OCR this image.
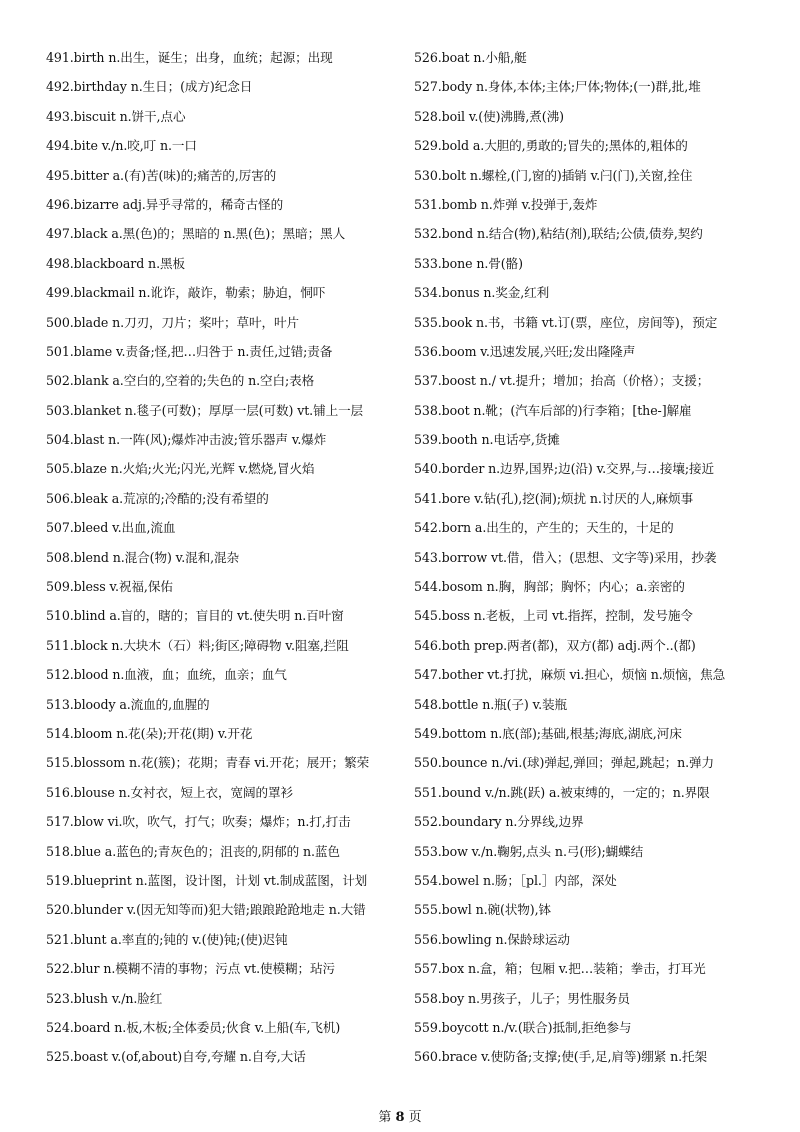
491.birth n.出生，诞生；出身，血统；起源；出现
492.birthday n.生日；(成方)纪念日
493.biscuit n.饼干,点心
494.bite v./n.咬,叮 n.一口
495.bitter a.(有)苦(味)的;痛苦的,厉害的
496.bizarre adj.异乎寻常的，稀奇古怪的
497.black a.黑(色)的；黑暗的 n.黑(色)；黑暗；黑人
498.blackboard n.黑板
499.blackmail n.讹诈，敲诈，勒索；胁迫，恫吓
500.blade n.刀刃，刀片；桨叶；草叶，叶片
501.blame v.责备;怪,把…归咎于 n.责任,过错;责备
502.blank a.空白的,空着的;失色的 n.空白;表格
503.blanket n.毯子(可数)；厚厚一层(可数) vt.铺上一层
504.blast n.一阵(风);爆炸冲击波;管乐器声 v.爆炸
505.blaze n.火焰;火光;闪光,光辉 v.燃烧,冒火焰
506.bleak a.荒凉的;冷酷的;没有希望的
507.bleed v.出血,流血
508.blend n.混合(物) v.混和,混杂
509.bless v.祝福,保佑
510.blind a.盲的，瞎的；盲目的 vt.使失明 n.百叶窗
511.block n.大块木（石）料;街区;障碍物 v.阻塞,拦阻
512.blood n.血液，血；血统，血亲；血气
513.bloody a.流血的,血腥的
514.bloom n.花(朵);开花(期) v.开花
515.blossom n.花(簇)；花期；青春 vi.开花；展开；繁荣
516.blouse n.女衬衣，短上衣，宽阔的罩衫
517.blow vi.吹，吹气，打气；吹奏；爆炸；n.打,打击
518.blue a.蓝色的;青灰色的；沮丧的,阴郁的 n.蓝色
519.blueprint n.蓝图，设计图，计划 vt.制成蓝图，计划
520.blunder v.(因无知等而)犯大错;踉踉跄跄地走 n.大错
521.blunt a.率直的;钝的 v.(使)钝;(使)迟钝
522.blur n.模糊不清的事物；污点 vt.使模糊；玷污
523.blush v./n.脸红
524.board n.板,木板;全体委员;伙食 v.上船(车,飞机)
525.boast v.(of,about)自夸,夸耀 n.自夸,大话
526.boat n.小船,艇
527.body n.身体,本体;主体;尸体;物体;(一)群,批,堆
528.boil v.(使)沸腾,煮(沸)
529.bold a.大胆的,勇敢的;冒失的;黑体的,粗体的
530.bolt n.螺栓,(门,窗的)插销 v.闩(门),关窗,拴住
531.bomb n.炸弹 v.投弹于,轰炸
532.bond n.结合(物),粘结(剂),联结;公债,债券,契约
533.bone n.骨(骼)
534.bonus n.奖金,红利
535.book n.书，书籍 vt.订(票，座位，房间等)，预定
536.boom v.迅速发展,兴旺;发出隆隆声
537.boost n./ vt.提升；增加；抬高（价格）；支援；
538.boot n.靴；(汽车后部的)行李箱；[the-]解雇
539.booth n.电话亭,货摊
540.border n.边界,国界;边(沿) v.交界,与…接壤;接近
541.bore v.钻(孔),挖(洞);烦扰 n.讨厌的人,麻烦事
542.born a.出生的，产生的；天生的，十足的
543.borrow vt.借，借入；(思想、文字等)采用，抄袭
544.bosom n.胸，胸部；胸怀；内心；a.亲密的
545.boss n.老板，上司 vt.指挥，控制，发号施令
546.both prep.两者(都)，双方(都) adj.两个..(都)
547.bother vt.打扰，麻烦 vi.担心，烦恼 n.烦恼，焦急
548.bottle n.瓶(子) v.装瓶
549.bottom n.底(部);基础,根基;海底,湖底,河床
550.bounce n./vi.(球)弹起,弹回；弹起,跳起；n.弹力
551.bound v./n.跳(跃) a.被束缚的，一定的；n.界限
552.boundary n.分界线,边界
553.bow v./n.鞠躬,点头 n.弓(形);蝴蝶结
554.bowel n.肠；［pl.］内部，深处
555.bowl n.碗(状物),钵
556.bowling n.保龄球运动
557.box n.盒，箱；包厢 v.把…装箱；拳击，打耳光
558.boy n.男孩子，儿子；男性服务员
559.boycott n./v.(联合)抵制,拒绝参与
560.brace v.使防备;支撑;使(手,足,肩等)绷紧 n.托架
第 8 页
